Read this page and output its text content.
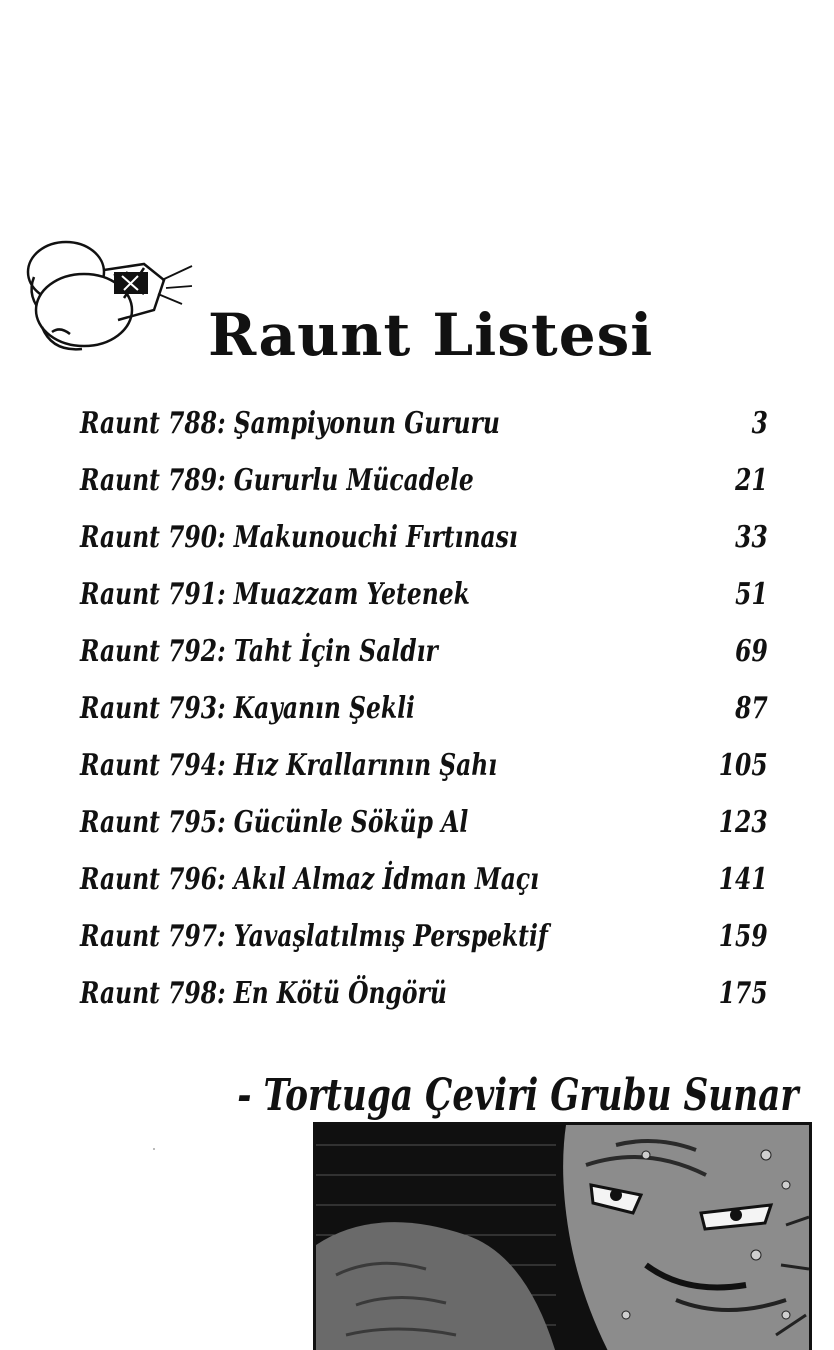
Raunt Listesi
Raunt 788: Şampiyonun Gururu	3
Raunt 789: Gururlu Mücadele	21
Raunt 790: Makunouchi Fırtınası	33
Raunt 791: Muazzam Yetenek	51
Raunt 792: Taht İçin Saldır	69
Raunt 793: Kayanın Şekli	87
Raunt 794: Hız Krallarının Şahı	105
Raunt 795: Gücünle Söküp Al	123
Raunt 796: Akıl Almaz İdman Maçı	141
Raunt 797: Yavaşlatılmış Perspektif	159
Raunt 798: En Kötü Öngörü	175
- Tortuga Çeviri Grubu Sunar
